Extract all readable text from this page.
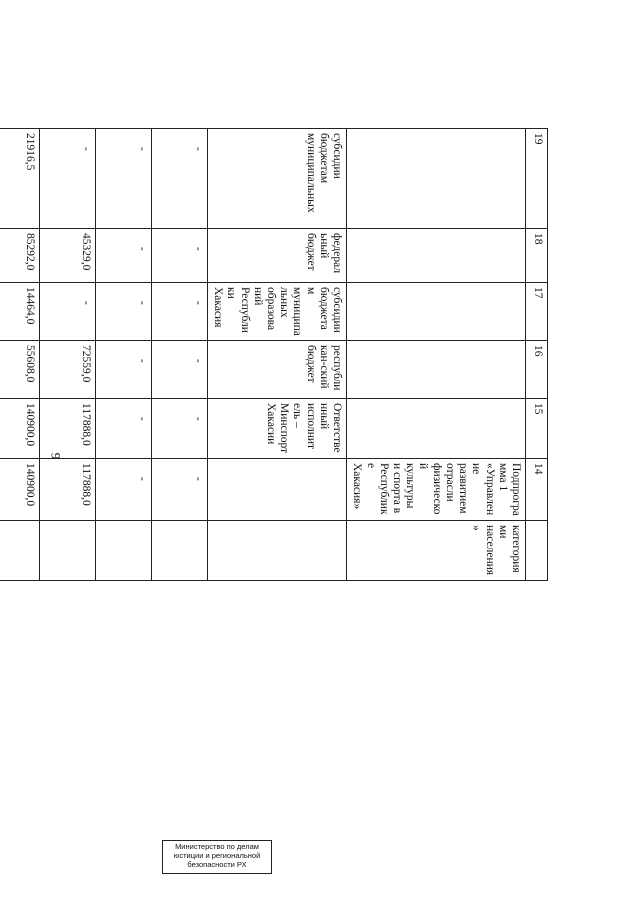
9
19	18	17	16	15	14	
					Подпрограмма 1 «Управление развитием отрасли физической культуры и спорта в Республике Хакасия»	категориями населения»
субсидии бюджетам муниципальных	федеральный бюджет	субсидии бюджетам муниципальных образований Республики Хакасия	республикан-ский бюджет	Ответственный исполнитель – Минспорт Хакасии		
-	-	-	-	-	-	
-	-	-	-	-	-	
-	45329,0	-	72559,0	117888,0	117888,0	
21916,5	85292,0	14464,0	55608,0	140900,0	140900,0	

Министерство по делам
юстиции и региональной
безопасности РХ
